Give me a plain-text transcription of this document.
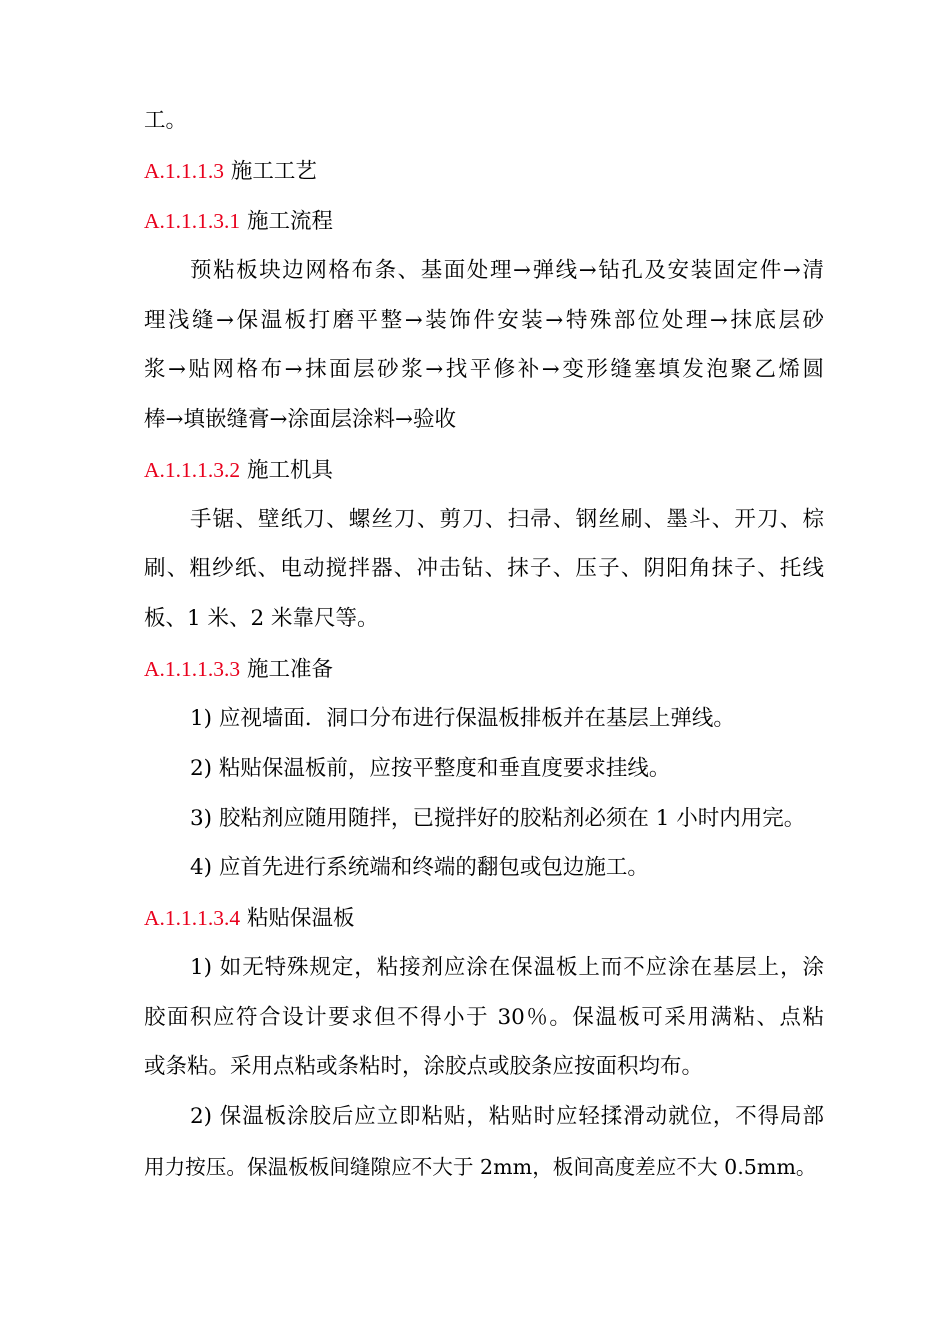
工。
A.1.1.1.3 施工工艺
A.1.1.1.3.1 施工流程
预粘板块边网格布条、基面处理→弹线→钻孔及安装固定件→清
理浅缝→保温板打磨平整→装饰件安装→特殊部位处理→抹底层砂
浆→贴网格布→抹面层砂浆→找平修补→变形缝塞填发泡聚乙烯圆
棒→填嵌缝膏→涂面层涂料→验收
A.1.1.1.3.2 施工机具
手锯、壁纸刀、螺丝刀、剪刀、扫帚、钢丝刷、墨斗、开刀、棕
刷、粗纱纸、电动搅拌器、冲击钻、抹子、压子、阴阳角抹子、托线
板、1 米、2 米靠尺等。
A.1.1.1.3.3 施工准备
1) 应视墙面．洞口分布进行保温板排板并在基层上弹线。
2) 粘贴保温板前，应按平整度和垂直度要求挂线。
3) 胶粘剂应随用随拌，已搅拌好的胶粘剂必须在 1 小时内用完。
4) 应首先进行系统端和终端的翻包或包边施工。
A.1.1.1.3.4 粘贴保温板
1) 如无特殊规定，粘接剂应涂在保温板上而不应涂在基层上，涂
胶面积应符合设计要求但不得小于 30％。保温板可采用满粘、点粘
或条粘。采用点粘或条粘时，涂胶点或胶条应按面积均布。
2) 保温板涂胶后应立即粘贴，粘贴时应轻揉滑动就位，不得局部
用力按压。保温板板间缝隙应不大于 2mm，板间高度差应不大 0.5mm。
